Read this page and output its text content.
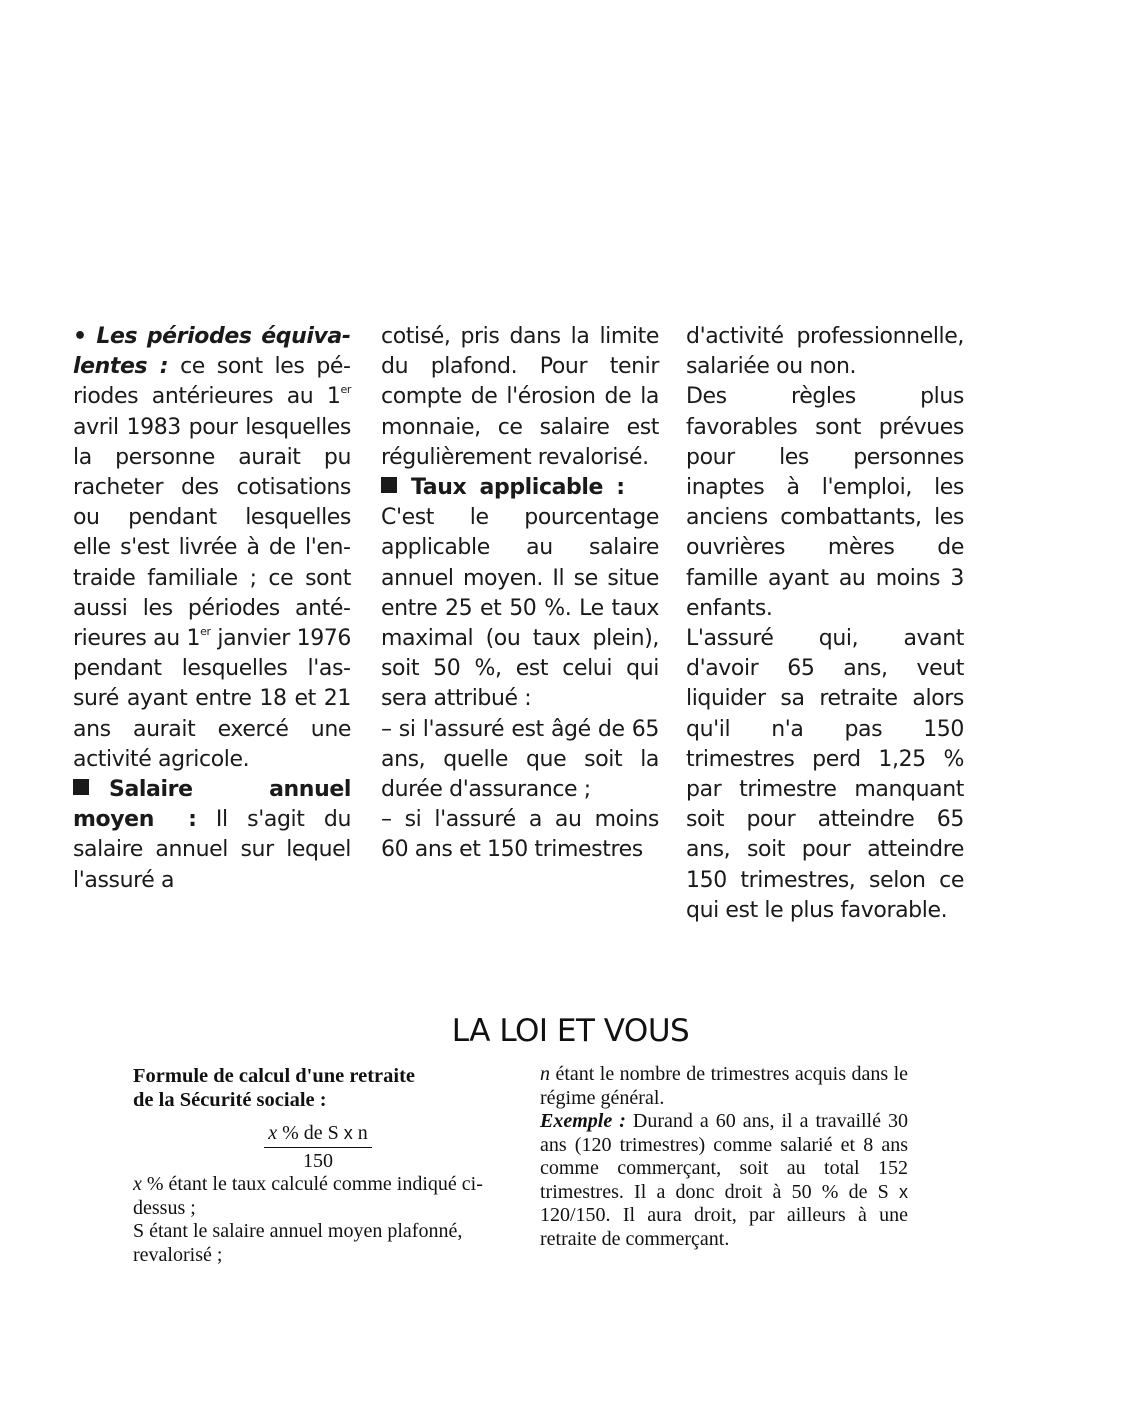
• Les périodes équivalentes : ce sont les périodes antérieures au 1er avril 1983 pour lesquelles la personne aurait pu racheter des cotisations ou pendant lesquelles elle s'est livrée à de l'entraide familiale ; ce sont aussi les périodes antérieures au 1er janvier 1976 pendant lesquelles l'assuré ayant entre 18 et 21 ans aurait exercé une activité agricole.

Salaire annuel moyen : Il s'agit du salaire annuel sur lequel l'assuré a

cotisé, pris dans la limite du plafond. Pour tenir compte de l'érosion de la monnaie, ce salaire est régulièrement revalorisé.

Taux applicable :

C'est le pourcentage applicable au salaire annuel moyen. Il se situe entre 25 et 50 %. Le taux maximal (ou taux plein), soit 50 %, est celui qui sera attribué :

– si l'assuré est âgé de 65 ans, quelle que soit la durée d'assurance ;

– si l'assuré a au moins 60 ans et 150 trimestres

d'activité professionnelle, salariée ou non.

Des règles plus favorables sont prévues pour les personnes inaptes à l'emploi, les anciens combattants, les ouvrières mères de famille ayant au moins 3 enfants.

L'assuré qui, avant d'avoir 65 ans, veut liquider sa retraite alors qu'il n'a pas 150 trimestres perd 1,25 % par trimestre manquant soit pour atteindre 65 ans, soit pour atteindre 150 trimestres, selon ce qui est le plus favorable.

LA LOI ET VOUS

Formule de calcul d'une retraite

de la Sécurité sociale :

x % de S x n
150

x % étant le taux calculé comme indiqué ci-dessus ;

S étant le salaire annuel moyen plafonné, revalorisé ;

n étant le nombre de trimestres acquis dans le régime général.

Exemple : Durand a 60 ans, il a travaillé 30 ans (120 trimestres) comme salarié et 8 ans comme commerçant, soit au total 152 trimestres. Il a donc droit à 50 % de S x 120/150. Il aura droit, par ailleurs à une retraite de commerçant.
